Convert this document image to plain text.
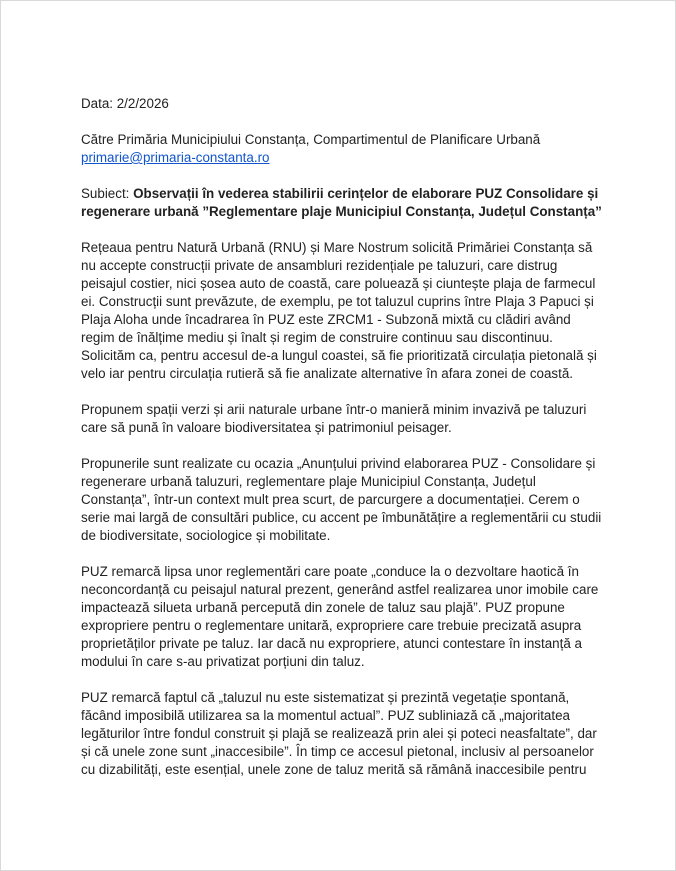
Data: 2/2/2026

Către Primăria Municipiului Constanța, Compartimentul de Planificare Urbană
primarie@primaria-constanta.ro

Subiect: Observații în vederea stabilirii cerințelor de elaborare PUZ Consolidare și
regenerare urbană ”Reglementare plaje Municipiul Constanța, Județul Constanța”

Rețeaua pentru Natură Urbană (RNU) și Mare Nostrum solicită Primăriei Constanța să
nu accepte construcții private de ansambluri rezidențiale pe taluzuri, care distrug
peisajul costier, nici șosea auto de coastă, care poluează și ciuntește plaja de farmecul
ei. Construcții sunt prevăzute, de exemplu, pe tot taluzul cuprins între Plaja 3 Papuci și
Plaja Aloha unde încadrarea în PUZ este ZRCM1 - Subzonă mixtă cu clădiri având
regim de înălțime mediu și înalt și regim de construire continuu sau discontinuu.
Solicităm ca, pentru accesul de-a lungul coastei, să fie prioritizată circulația pietonală și
velo iar pentru circulația rutieră să fie analizate alternative în afara zonei de coastă.

Propunem spații verzi și arii naturale urbane într-o manieră minim invazivă pe taluzuri
care să pună în valoare biodiversitatea și patrimoniul peisager.

Propunerile sunt realizate cu ocazia „Anunțului privind elaborarea PUZ - Consolidare și
regenerare urbană taluzuri, reglementare plaje Municipiul Constanța, Județul
Constanța”, într-un context mult prea scurt, de parcurgere a documentației. Cerem o
serie mai largă de consultări publice, cu accent pe îmbunătățire a reglementării cu studii
de biodiversitate, sociologice și mobilitate.

PUZ remarcă lipsa unor reglementări care poate „conduce la o dezvoltare haotică în
neconcordanță cu peisajul natural prezent, generând astfel realizarea unor imobile care
impactează silueta urbană percepută din zonele de taluz sau plajă”. PUZ propune
expropriere pentru o reglementare unitară, expropriere care trebuie precizată asupra
proprietăților private pe taluz. Iar dacă nu expropriere, atunci contestare în instanță a
modului în care s-au privatizat porțiuni din taluz.

PUZ remarcă faptul că „taluzul nu este sistematizat și prezintă vegetație spontană,
făcând imposibilă utilizarea sa la momentul actual”. PUZ subliniază că „majoritatea
legăturilor între fondul construit și plajă se realizează prin alei și poteci neasfaltate”, dar
și că unele zone sunt „inaccesibile”. În timp ce accesul pietonal, inclusiv al persoanelor
cu dizabilități, este esențial, unele zone de taluz merită să rămână inaccesibile pentru
